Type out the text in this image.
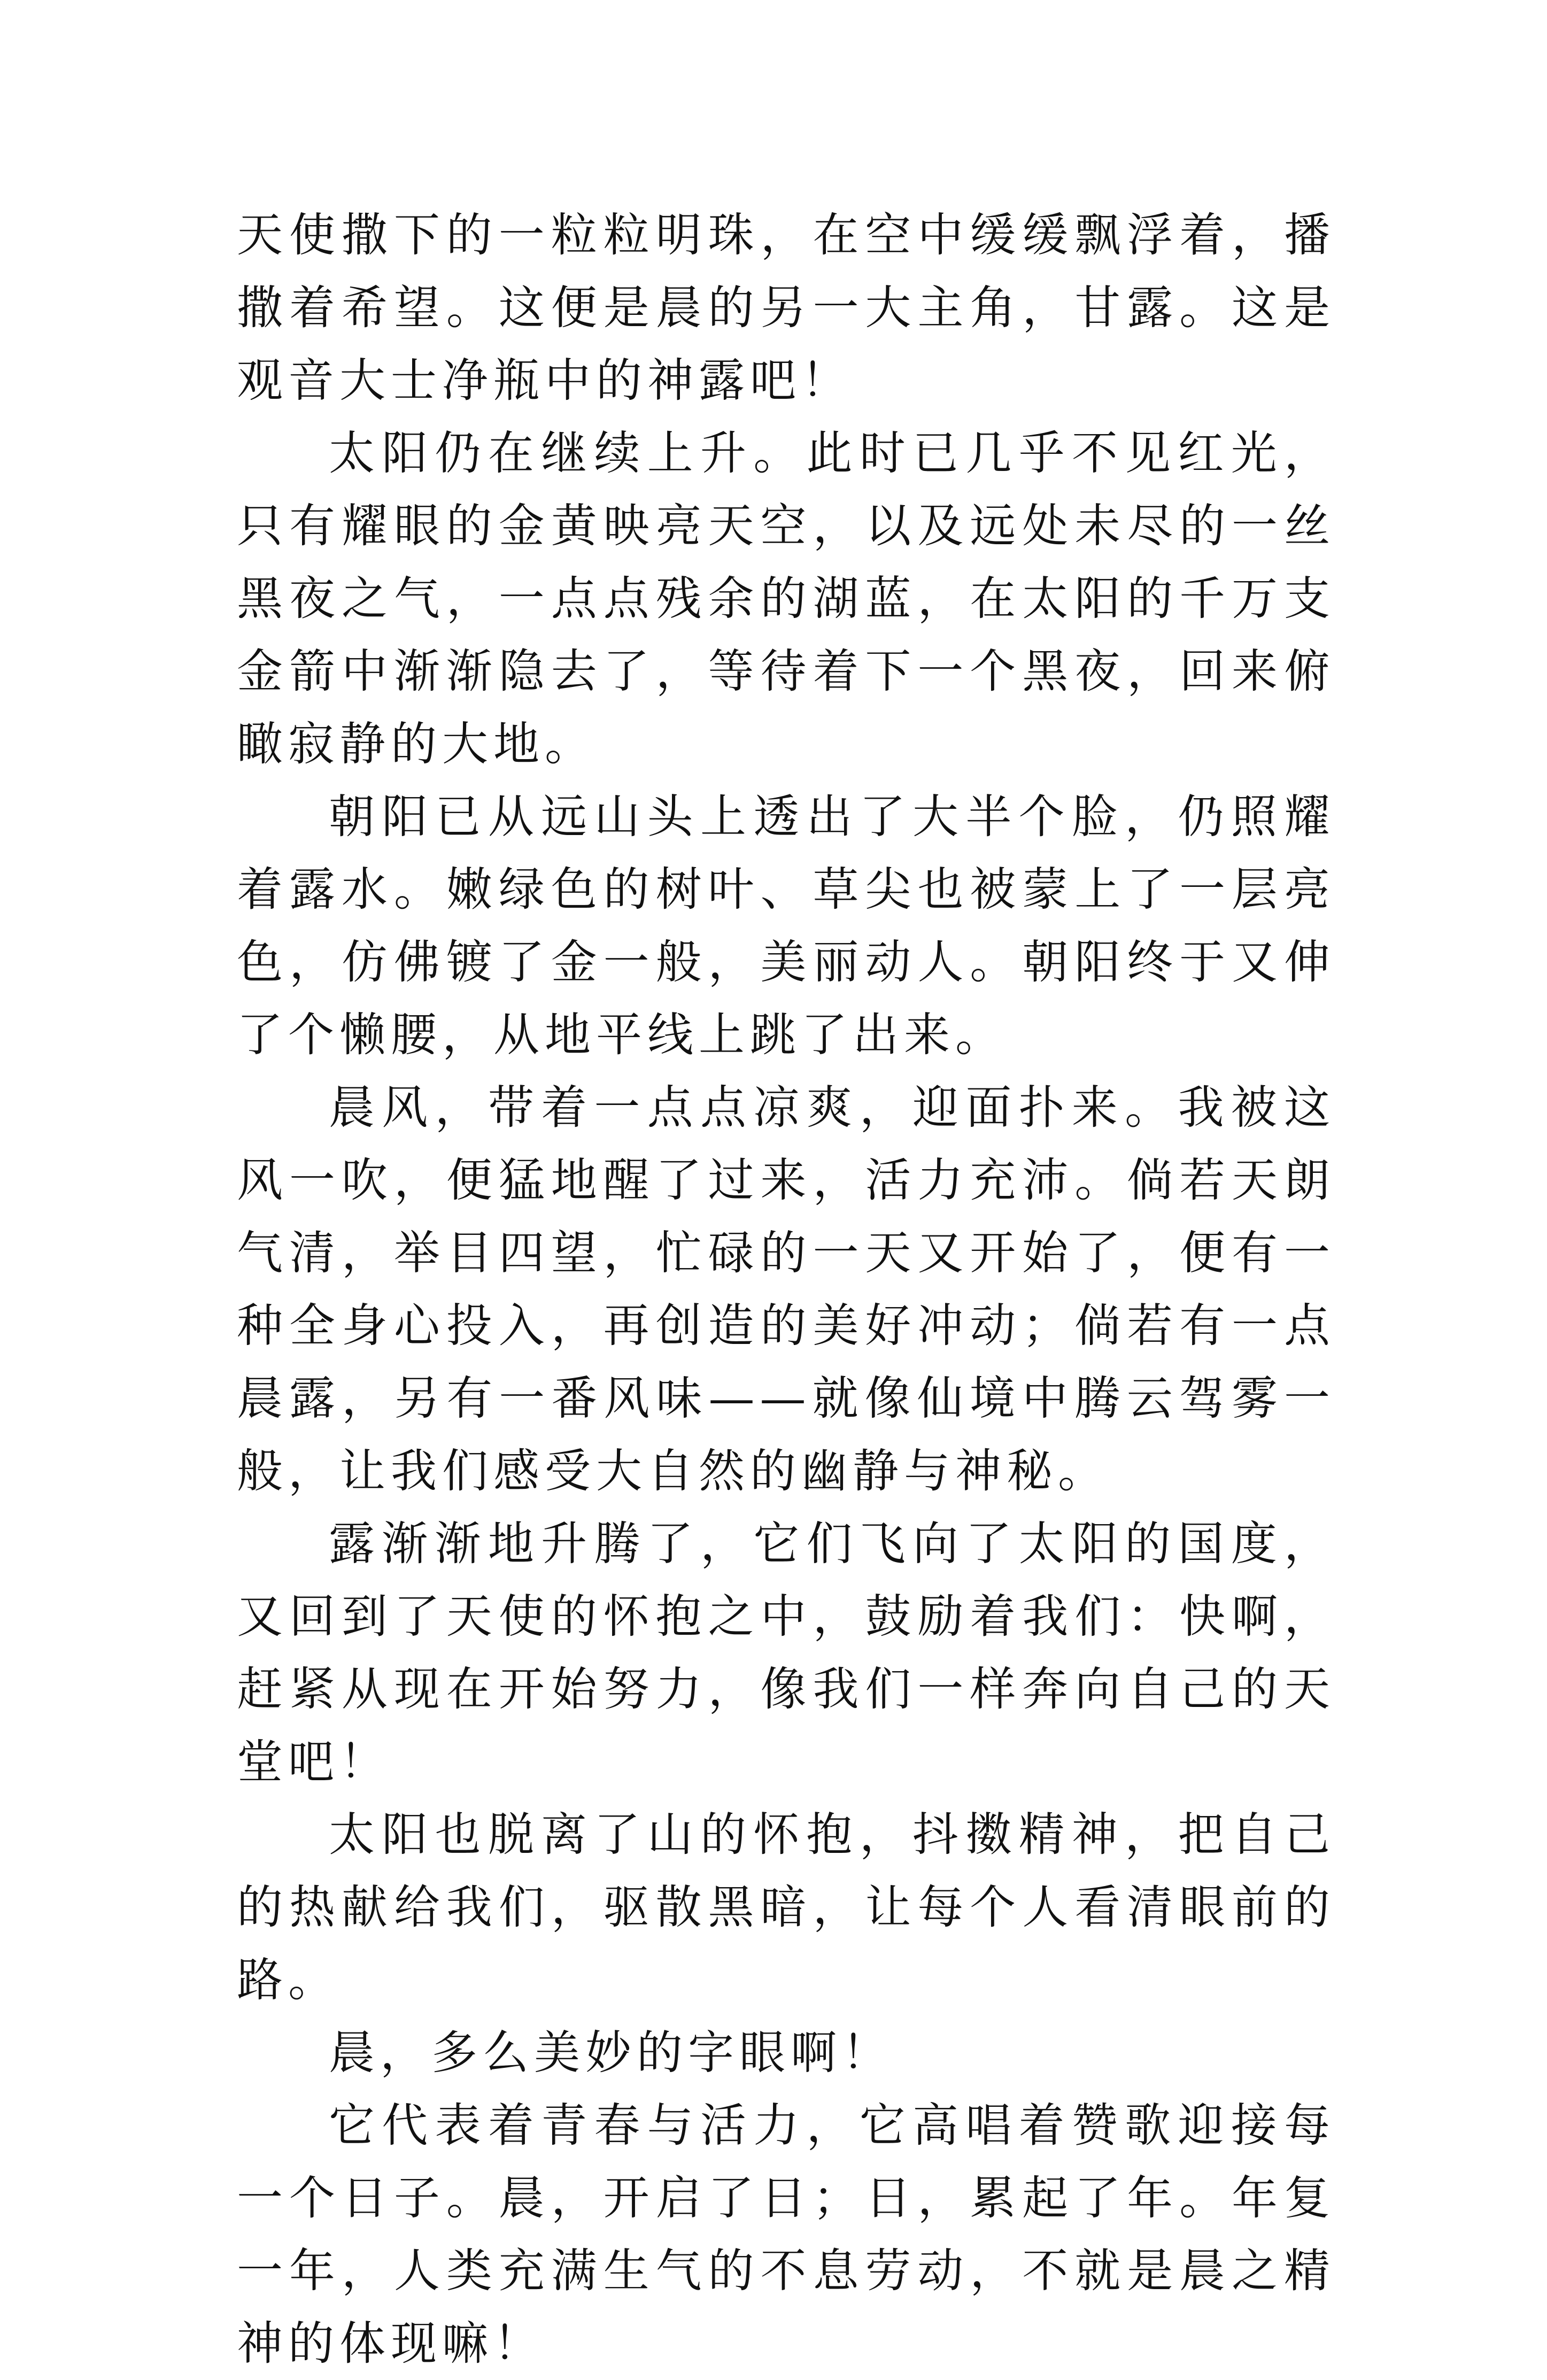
天使撒下的一粒粒明珠，在空中缓缓飘浮着，播撒着希望。这便是晨的另一大主角，甘露。这是观音大士净瓶中的神露吧！

太阳仍在继续上升。此时已几乎不见红光，只有耀眼的金黄映亮天空，以及远处未尽的一丝黑夜之气，一点点残余的湖蓝，在太阳的千万支金箭中渐渐隐去了，等待着下一个黑夜，回来俯瞰寂静的大地。

朝阳已从远山头上透出了大半个脸，仍照耀着露水。嫩绿色的树叶、草尖也被蒙上了一层亮色，仿佛镀了金一般，美丽动人。朝阳终于又伸了个懒腰，从地平线上跳了出来。

晨风，带着一点点凉爽，迎面扑来。我被这风一吹，便猛地醒了过来，活力充沛。倘若天朗气清，举目四望，忙碌的一天又开始了，便有一种全身心投入，再创造的美好冲动；倘若有一点晨露，另有一番风味——就像仙境中腾云驾雾一般，让我们感受大自然的幽静与神秘。

露渐渐地升腾了，它们飞向了太阳的国度，又回到了天使的怀抱之中，鼓励着我们：快啊，赶紧从现在开始努力，像我们一样奔向自己的天堂吧！

太阳也脱离了山的怀抱，抖擞精神，把自己的热献给我们，驱散黑暗，让每个人看清眼前的路。

晨，多么美妙的字眼啊！

它代表着青春与活力，它高唱着赞歌迎接每一个日子。晨，开启了日；日，累起了年。年复一年，人类充满生气的不息劳动，不就是晨之精神的体现嘛！
